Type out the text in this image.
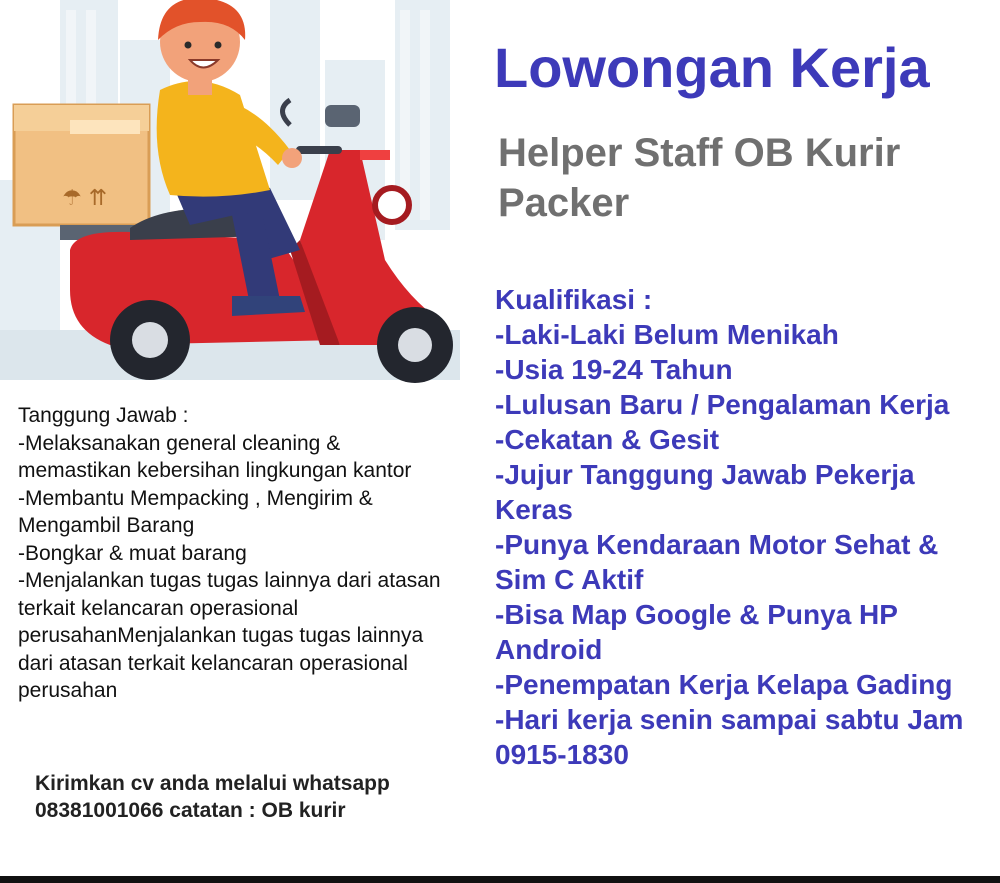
☂ ⇈
Lowongan Kerja
Helper Staff OB Kurir Packer
Kualifikasi :
-Laki-Laki Belum Menikah
-Usia 19-24 Tahun
-Lulusan Baru / Pengalaman Kerja
-Cekatan & Gesit
-Jujur Tanggung Jawab Pekerja Keras
-Punya Kendaraan Motor Sehat & Sim C Aktif
-Bisa Map Google & Punya HP Android
-Penempatan Kerja Kelapa Gading
-Hari kerja senin sampai sabtu Jam 0915-1830
Tanggung Jawab :
-Melaksanakan general cleaning & memastikan kebersihan lingkungan kantor
-Membantu Mempacking , Mengirim & Mengambil Barang
-Bongkar & muat barang
-Menjalankan tugas tugas lainnya dari atasan terkait kelancaran operasional perusahanMenjalankan tugas tugas lainnya dari atasan terkait kelancaran operasional perusahan
Kirimkan cv anda melalui whatsapp
08381001066 catatan : OB kurir
